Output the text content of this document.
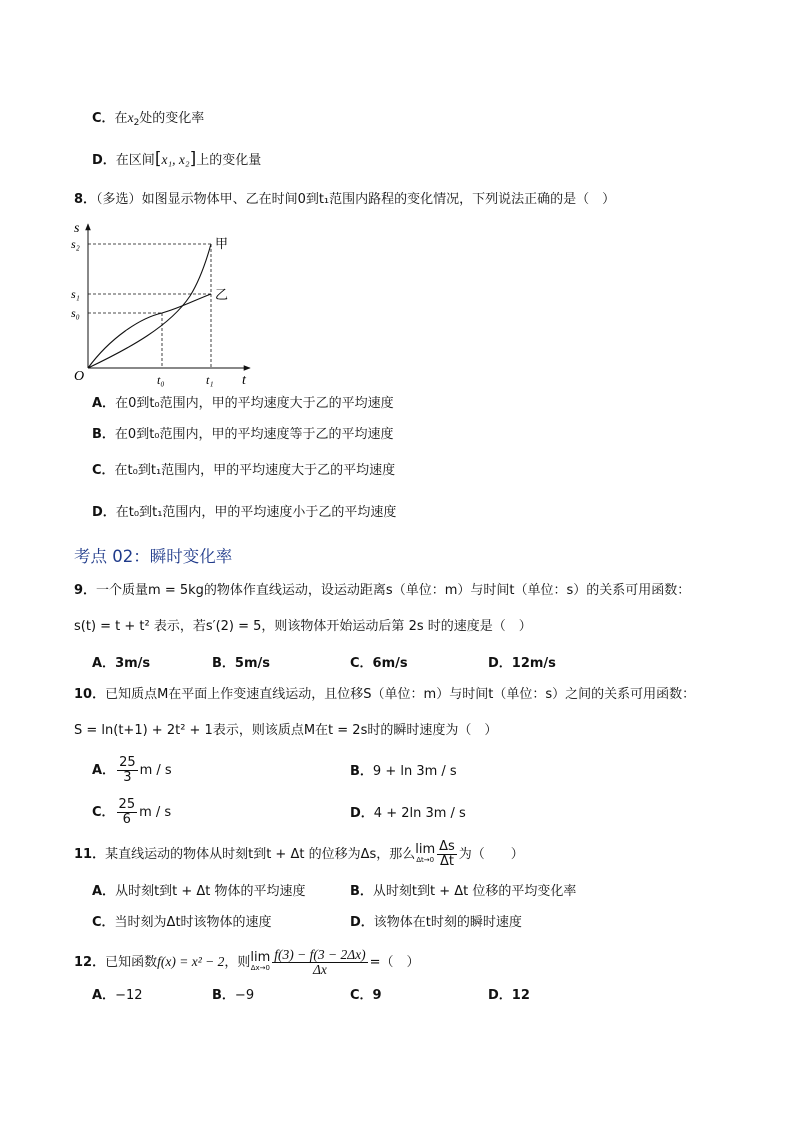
C．在$x_2$处的变化率
D．在区间[x₁, x₂]上的变化量
8．（多选）如图显示物体甲、乙在时间0到t₁范围内路程的变化情况，下列说法正确的是（　）
s
t
O
s₂
s₁
s₀
t₀	t₁
甲
乙
A．在0到t₀范围内，甲的平均速度大于乙的平均速度
B．在0到t₀范围内，甲的平均速度等于乙的平均速度
C．在t₀到t₁范围内，甲的平均速度大于乙的平均速度
D．在t₀到t₁范围内，甲的平均速度小于乙的平均速度
考点 02：瞬时变化率
9．一个质量m = 5kg的物体作直线运动，设运动距离s（单位：m）与时间t（单位：s）的关系可用函数：
s(t) = t + t² 表示，若s′(2) = 5，则该物体开始运动后第 2s 时的速度是（　）
A．3m/s	B．5m/s	C．6m/s	D．12m/s
10．已知质点M在平面上作变速直线运动，且位移S（单位：m）与时间t（单位：s）之间的关系可用函数：
S = ln(t+1) + 2t² + 1表示，则该质点M在t = 2s时的瞬时速度为（　）
A． $\frac{25}{3}$ m / s	B．9 + ln 3m / s
C． $\frac{25}{6}$ m / s	D．4 + 2ln 3m / s
11．某直线运动的物体从时刻t到t + Δt 的位移为Δs，那么 lim
$\Delta t\to 0 \frac{\Delta s}{\Delta t}$ 为（　　）
A．从时刻t到t + Δt 物体的平均速度	B．从时刻t到t + Δt 位移的平均变化率
C．当时刻为Δt时该物体的速度	D．该物体在t时刻的瞬时速度
12．已知函数f(x) = x² − 2，则 lim
$\Delta x\to 0 \frac{f(3) - f(3 - 2\Delta x)}{\Delta x}$ =（　）
A．−12	B．−9	C．9	D．12
